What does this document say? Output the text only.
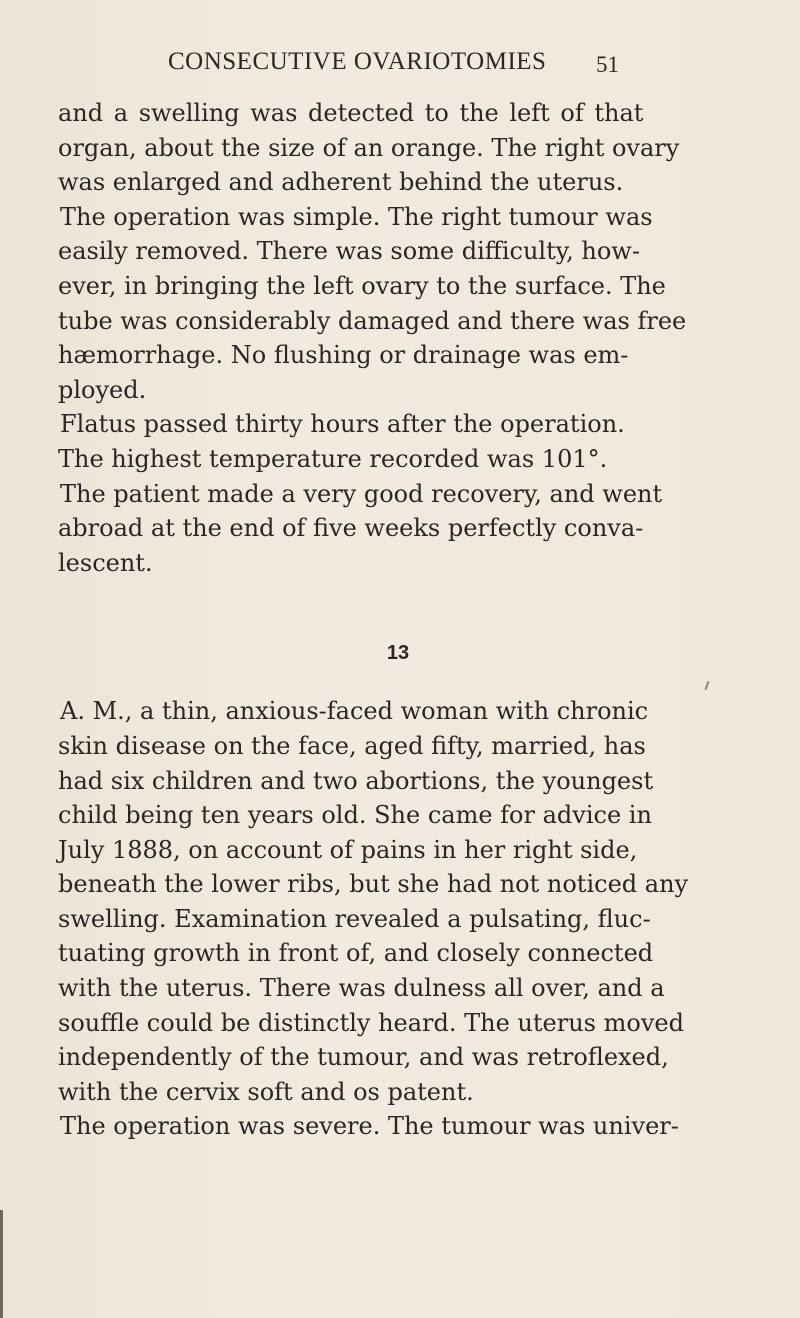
CONSECUTIVE OVARIOTOMIES 51
and a swelling was detected to the left of that
organ, about the size of an orange. The right ovary
was enlarged and adherent behind the uterus.
The operation was simple. The right tumour was
easily removed. There was some difficulty, how-
ever, in bringing the left ovary to the surface. The
tube was considerably damaged and there was free
hæmorrhage. No flushing or drainage was em-
ployed.
Flatus passed thirty hours after the operation.
The highest temperature recorded was 101°.
The patient made a very good recovery, and went
abroad at the end of five weeks perfectly conva-
lescent.
13
A. M., a thin, anxious-faced woman with chronic
skin disease on the face, aged fifty, married, has
had six children and two abortions, the youngest
child being ten years old. She came for advice in
July 1888, on account of pains in her right side,
beneath the lower ribs, but she had not noticed any
swelling. Examination revealed a pulsating, fluc-
tuating growth in front of, and closely connected
with the uterus. There was dulness all over, and a
souffle could be distinctly heard. The uterus moved
independently of the tumour, and was retroflexed,
with the cervix soft and os patent.
The operation was severe. The tumour was univer-
